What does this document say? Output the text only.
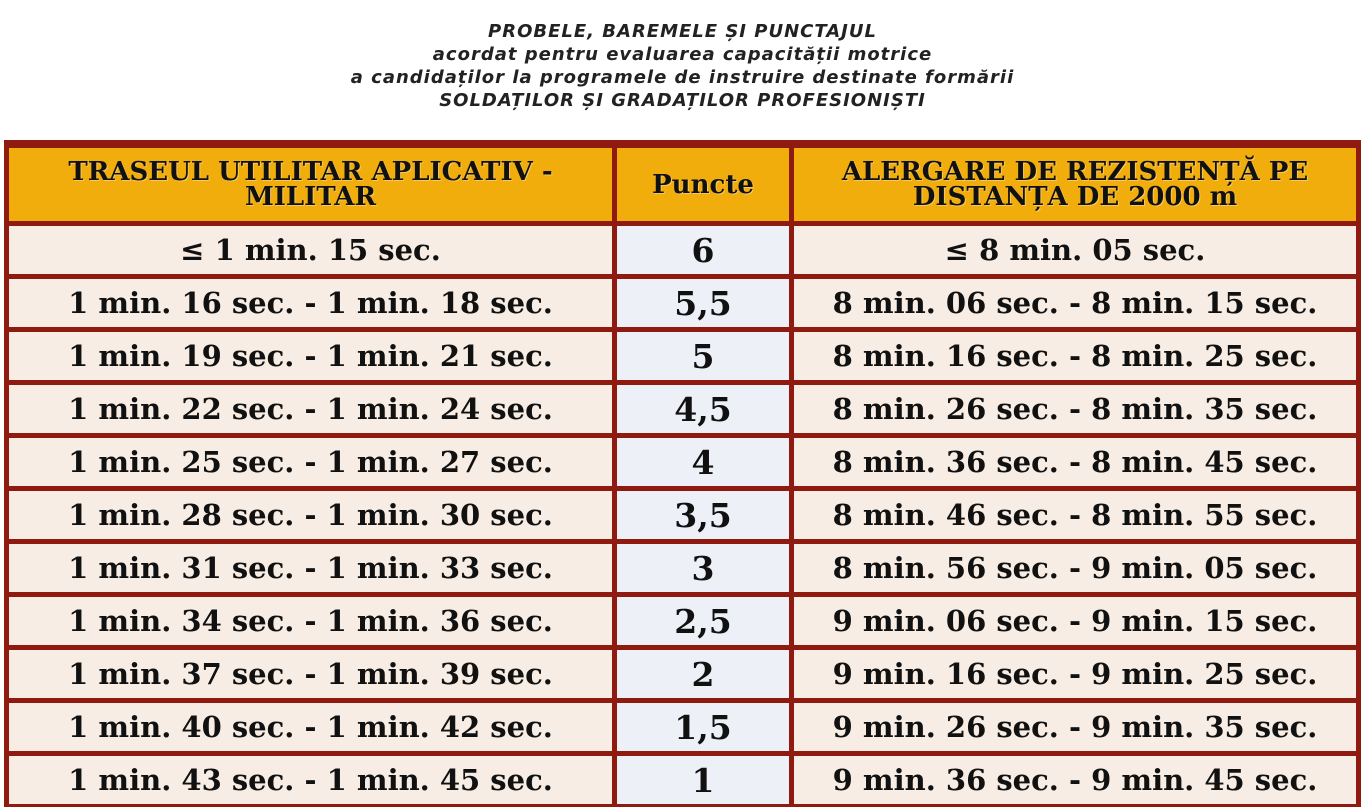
PROBELE, BAREMELE ȘI PUNCTAJUL
acordat pentru evaluarea capacității motrice
a candidaților la programele de instruire destinate formării
SOLDAȚILOR ȘI GRADAȚILOR PROFESIONIȘTI
TRASEUL UTILITAR APLICATIV - MILITAR	Puncte	ALERGARE DE REZISTENȚĂ PE DISTANȚA DE 2000 m
≤ 1 min. 15 sec.	6	≤ 8 min. 05 sec.
1 min. 16 sec. - 1 min. 18 sec.	5,5	8 min. 06 sec. - 8 min. 15 sec.
1 min. 19 sec. - 1 min. 21 sec.	5	8 min. 16 sec. - 8 min. 25 sec.
1 min. 22 sec. - 1 min. 24 sec.	4,5	8 min. 26 sec. - 8 min. 35 sec.
1 min. 25 sec. - 1 min. 27 sec.	4	8 min. 36 sec. - 8 min. 45 sec.
1 min. 28 sec. - 1 min. 30 sec.	3,5	8 min. 46 sec. - 8 min. 55 sec.
1 min. 31 sec. - 1 min. 33 sec.	3	8 min. 56 sec. - 9 min. 05 sec.
1 min. 34 sec. - 1 min. 36 sec.	2,5	9 min. 06 sec. - 9 min. 15 sec.
1 min. 37 sec. - 1 min. 39 sec.	2	9 min. 16 sec. - 9 min. 25 sec.
1 min. 40 sec. - 1 min. 42 sec.	1,5	9 min. 26 sec. - 9 min. 35 sec.
1 min. 43 sec. - 1 min. 45 sec.	1	9 min. 36 sec. - 9 min. 45 sec.
